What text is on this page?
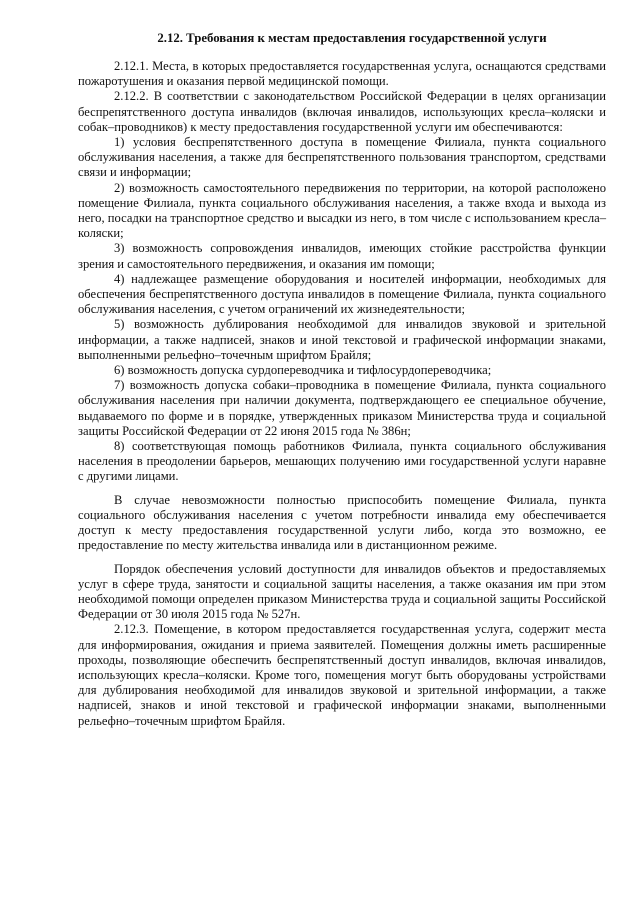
2.12. Требования к местам предоставления государственной услуги

2.12.1. Места, в которых предоставляется государственная услуга, оснащаются средствами пожаротушения и оказания первой медицинской помощи.

2.12.2. В соответствии с законодательством Российской Федерации в целях организации беспрепятственного доступа инвалидов (включая инвалидов, использующих кресла–коляски и собак–проводников) к месту предоставления государственной услуги им обеспечиваются:

1) условия беспрепятственного доступа в помещение Филиала, пункта социального обслуживания населения, а также для беспрепятственного пользования транспортом, средствами связи и информации;

2) возможность самостоятельного передвижения по территории, на которой расположено помещение Филиала, пункта социального обслуживания населения, а также входа и выхода из него, посадки на транспортное средство и высадки из него, в том числе с использованием кресла–коляски;

3) возможность сопровождения инвалидов, имеющих стойкие расстройства функции зрения и самостоятельного передвижения, и оказания им помощи;

4) надлежащее размещение оборудования и носителей информации, необходимых для обеспечения беспрепятственного доступа инвалидов в помещение Филиала, пункта социального обслуживания населения, с учетом ограничений их жизнедеятельности;

5) возможность дублирования необходимой для инвалидов звуковой и зрительной информации, а также надписей, знаков и иной текстовой и графической информации знаками, выполненными рельефно–точечным шрифтом Брайля;

6) возможность допуска сурдопереводчика и тифлосурдопереводчика;

7) возможность допуска собаки–проводника в помещение Филиала, пункта социального обслуживания населения при наличии документа, подтверждающего ее специальное обучение, выдаваемого по форме и в порядке, утвержденных приказом Министерства труда и социальной защиты Российской Федерации от 22 июня 2015 года № 386н;

8) соответствующая помощь работников Филиала, пункта социального обслуживания населения в преодолении барьеров, мешающих получению ими государственной услуги наравне с другими лицами.

В случае невозможности полностью приспособить помещение Филиала, пункта социального обслуживания населения с учетом потребности инвалида ему обеспечивается доступ к месту предоставления государственной услуги либо, когда это возможно, ее предоставление по месту жительства инвалида или в дистанционном режиме.

Порядок обеспечения условий доступности для инвалидов объектов и предоставляемых услуг в сфере труда, занятости и социальной защиты населения, а также оказания им при этом необходимой помощи определен приказом Министерства труда и социальной защиты Российской Федерации от 30 июля 2015 года № 527н.

2.12.3. Помещение, в котором предоставляется государственная услуга, содержит места для информирования, ожидания и приема заявителей. Помещения должны иметь расширенные проходы, позволяющие обеспечить беспрепятственный доступ инвалидов, включая инвалидов, использующих кресла–коляски. Кроме того, помещения могут быть оборудованы устройствами для дублирования необходимой для инвалидов звуковой и зрительной информации, а также надписей, знаков и иной текстовой и графической информации знаками, выполненными рельефно–точечным шрифтом Брайля.
